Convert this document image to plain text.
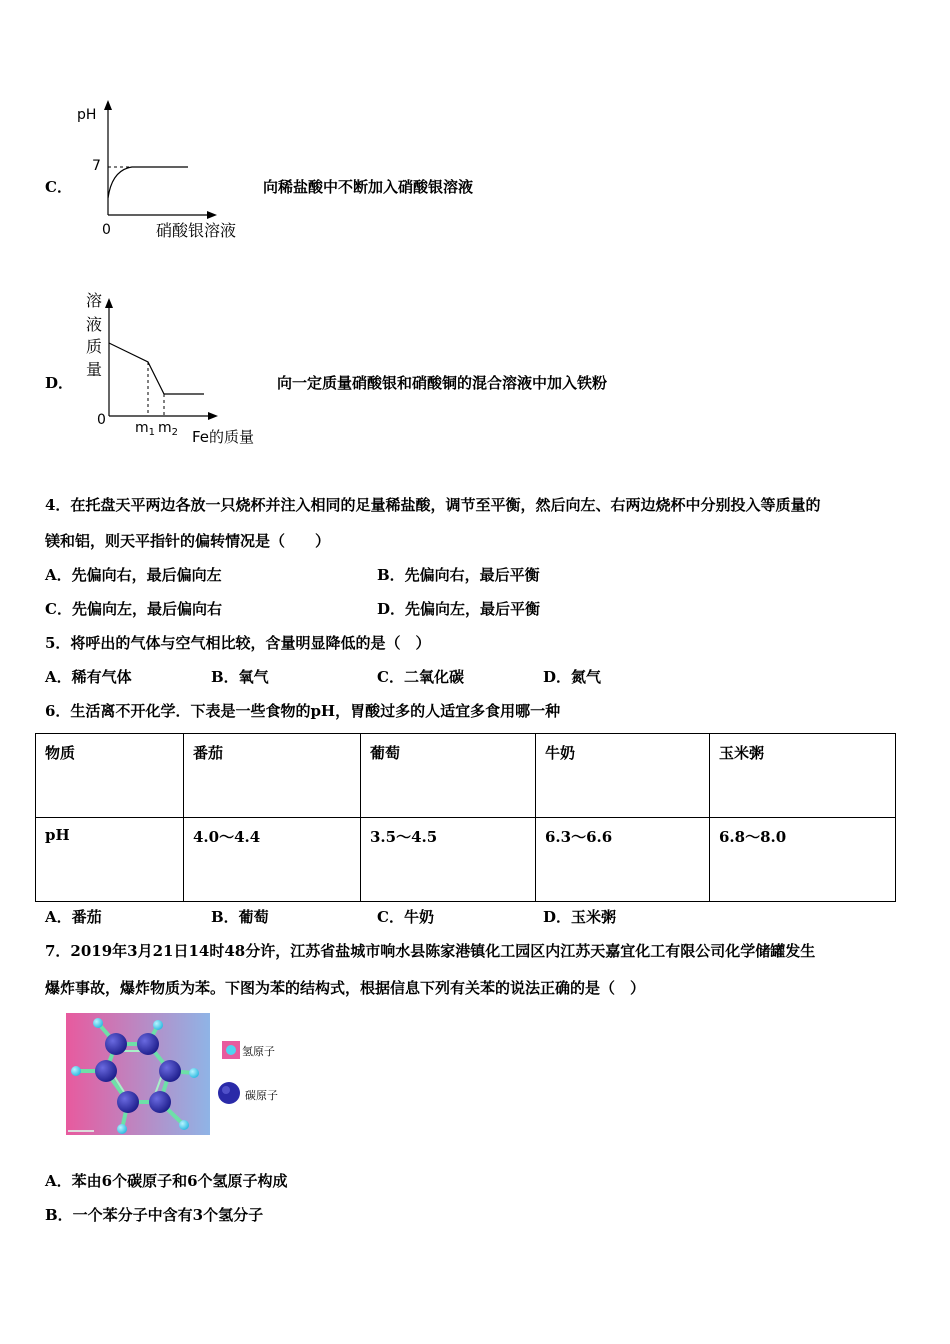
C．
pH
7
0	硝酸银溶液
向稀盐酸中不断加入硝酸银溶液
D．
溶
液
质
量
0 $m_1$ $m_2$ Fe的质量
向一定质量硝酸银和硝酸铜的混合溶液中加入铁粉
4．在托盘天平两边各放一只烧杯并注入相同的足量稀盐酸，调节至平衡，然后向左、右两边烧杯中分别投入等质量的
镁和铝，则天平指针的偏转情况是（　　）
A．先偏向右，最后偏向左	B．先偏向右，最后平衡
C．先偏向左，最后偏向右	D．先偏向左，最后平衡
5．将呼出的气体与空气相比较，含量明显降低的是（　）
A．稀有气体	B．氧气	C．二氧化碳	D．氮气
6．生活离不开化学．下表是一些食物的pH，胃酸过多的人适宜多食用哪一种
物质	番茄	葡萄	牛奶	玉米粥
pH	4.0～4.4	3.5～4.5	6.3～6.6	6.8～8.0
A．番茄	B．葡萄	C．牛奶	D．玉米粥
7．2019年3月21日14时48分许，江苏省盐城市响水县陈家港镇化工园区内江苏天嘉宜化工有限公司化学储罐发生
爆炸事故，爆炸物质为苯。下图为苯的结构式，根据信息下列有关苯的说法正确的是（　）
氢原子
碳原子
A．苯由6个碳原子和6个氢原子构成
B．一个苯分子中含有3个氢分子
